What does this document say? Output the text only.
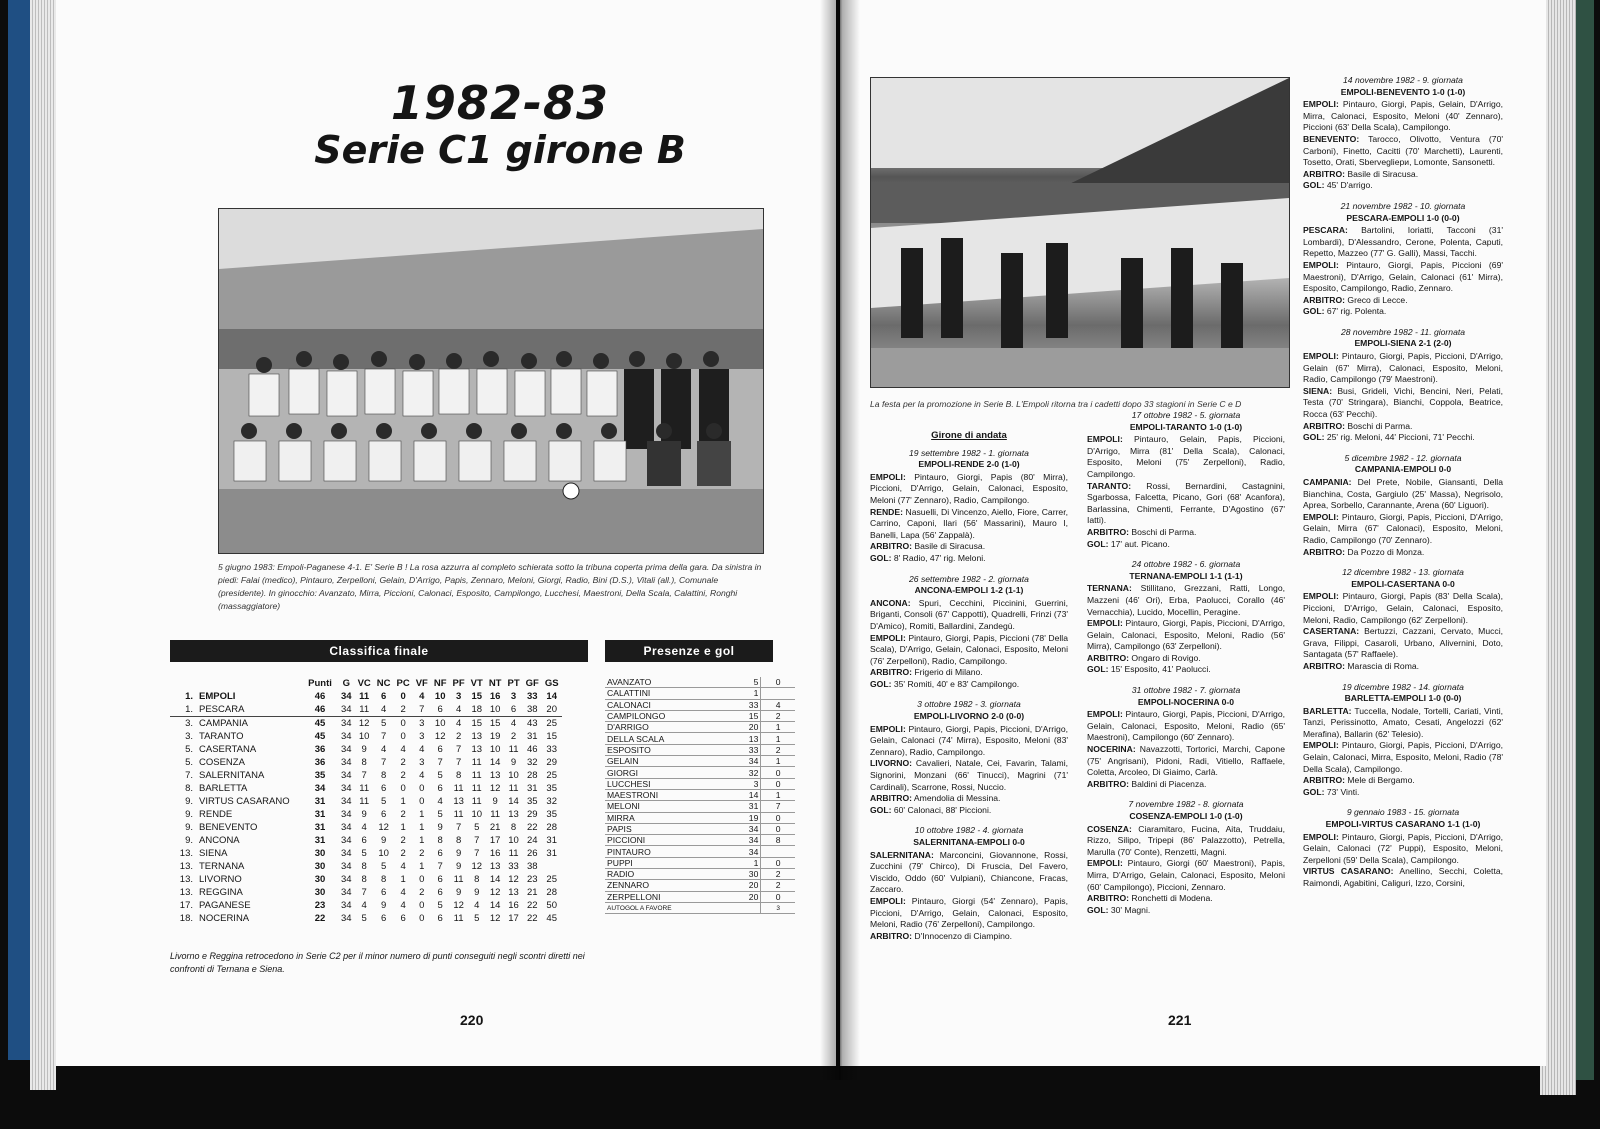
1982-83
Serie C1 girone B
5 giugno 1983: Empoli-Paganese 4-1. E' Serie B ! La rosa azzurra al completo schierata sotto la tribuna coperta prima della gara. Da sinistra in piedi: Falai (medico), Pintauro, Zerpelloni, Gelain, D'Arrigo, Papis, Zennaro, Meloni, Giorgi, Radio, Bini (D.S.), Vitali (all.), Comunale (presidente). In ginocchio: Avanzato, Mirra, Piccioni, Calonaci, Esposito, Campilongo, Lucchesi, Maestroni, Della Scala, Calattini, Ronghi (massaggiatore)
Classifica finale	Presenze e gol
		Punti	G	VC	NC	PC	VF	NF	PF	VT	NT	PT	GF	GS
1.	EMPOLI	46	34	11	6	0	4	10	3	15	16	3	33	14
1.	PESCARA	46	34	11	4	2	7	6	4	18	10	6	38	20
3.	CAMPANIA	45	34	12	5	0	3	10	4	15	15	4	43	25
3.	TARANTO	45	34	10	7	0	3	12	2	13	19	2	31	15
5.	CASERTANA	36	34	9	4	4	4	6	7	13	10	11	46	33
5.	COSENZA	36	34	8	7	2	3	7	7	11	14	9	32	29
7.	SALERNITANA	35	34	7	8	2	4	5	8	11	13	10	28	25
8.	BARLETTA	34	34	11	6	0	0	6	11	11	12	11	31	35
9.	VIRTUS CASARANO	31	34	11	5	1	0	4	13	11	9	14	35	32
9.	RENDE	31	34	9	6	2	1	5	11	10	11	13	29	35
9.	BENEVENTO	31	34	4	12	1	1	9	7	5	21	8	22	28
9.	ANCONA	31	34	6	9	2	1	8	8	7	17	10	24	31
13.	SIENA	30	34	5	10	2	2	6	9	7	16	11	26	31
13.	TERNANA	30	34	8	5	4	1	7	9	12	13	33	38	
13.	LIVORNO	30	34	8	8	1	0	6	11	8	14	12	23	25
13.	REGGINA	30	34	7	6	4	2	6	9	9	12	13	21	28
17.	PAGANESE	23	34	4	9	4	0	5	12	4	14	16	22	50
18.	NOCERINA	22	34	5	6	6	0	6	11	5	12	17	22	45
AVANZATO	5	0
CALATTINI	1	
CALONACI	33	4
CAMPILONGO	15	2
D'ARRIGO	20	1
DELLA SCALA	13	1
ESPOSITO	33	2
GELAIN	34	1
GIORGI	32	0
LUCCHESI	3	0
MAESTRONI	14	1
MELONI	31	7
MIRRA	19	0
PAPIS	34	0
PICCIONI	34	8
PINTAURO	34	
PUPPI	1	0
RADIO	30	2
ZENNARO	20	2
ZERPELLONI	20	0
AUTOGOL A FAVORE		3
Livorno e Reggina retrocedono in Serie C2 per il minor numero di punti conseguiti negli scontri diretti nei confronti di Ternana e Siena.
220
La festa per la promozione in Serie B. L'Empoli ritorna tra i cadetti dopo 33 stagioni in Serie C e D
Girone di andata
19 settembre 1982 - 1. giornata
EMPOLI-RENDE 2-0 (1-0)

EMPOLI: Pintauro, Giorgi, Papis (80' Mirra), Piccioni, D'Arrigo, Gelain, Calonaci, Esposito, Meloni (77' Zennaro), Radio, Campilongo.

RENDE: Nasuelli, Di Vincenzo, Aiello, Fiore, Carrer, Carrino, Caponi, Ilari (56' Massarini), Mauro I, Banelli, Lapa (56' Zappalà).

ARBITRO: Basile di Siracusa.

GOL: 8' Radio, 47' rig. Meloni.

26 settembre 1982 - 2. giornata
ANCONA-EMPOLI 1-2 (1-1)

ANCONA: Spuri, Cecchini, Piccinini, Guerrini, Briganti, Consoli (67' Cappotti), Quadrelli, Frinzi (73' D'Amico), Romiti, Ballardini, Zandegù.

EMPOLI: Pintauro, Giorgi, Papis, Piccioni (78' Della Scala), D'Arrigo, Gelain, Calonaci, Esposito, Meloni (76' Zerpelloni), Radio, Campilongo.

ARBITRO: Frigerio di Milano.

GOL: 35' Romiti, 40' e 83' Campilongo.

3 ottobre 1982 - 3. giornata
EMPOLI-LIVORNO 2-0 (0-0)

EMPOLI: Pintauro, Giorgi, Papis, Piccioni, D'Arrigo, Gelain, Calonaci (74' Mirra), Esposito, Meloni (83' Zennaro), Radio, Campilongo.

LIVORNO: Cavalieri, Natale, Cei, Favarin, Talami, Signorini, Monzani (66' Tinucci), Magrini (71' Cardinali), Scarrone, Rossi, Nuccio.

ARBITRO: Amendolia di Messina.

GOL: 60' Calonaci, 88' Piccioni.

10 ottobre 1982 - 4. giornata
SALERNITANA-EMPOLI 0-0

SALERNITANA: Marconcini, Giovannone, Rossi, Zucchini (79' Chirco), Di Fruscia, Del Favero, Viscido, Oddo (60' Vulpiani), Chiancone, Fracas, Zaccaro.

EMPOLI: Pintauro, Giorgi (54' Zennaro), Papis, Piccioni, D'Arrigo, Gelain, Calonaci, Esposito, Meloni, Radio (76' Zerpelloni), Campilongo.

ARBITRO: D'Innocenzo di Ciampino.

17 ottobre 1982 - 5. giornata
EMPOLI-TARANTO 1-0 (1-0)

EMPOLI: Pintauro, Gelain, Papis, Piccioni, D'Arrigo, Mirra (81' Della Scala), Calonaci, Esposito, Meloni (75' Zerpelloni), Radio, Campilongo.

TARANTO: Rossi, Bernardini, Castagnini, Sgarbossa, Falcetta, Picano, Gori (68' Acanfora), Barlassina, Chimenti, Ferrante, D'Agostino (67' Iatti).

ARBITRO: Boschi di Parma.

GOL: 17' aut. Picano.

24 ottobre 1982 - 6. giornata
TERNANA-EMPOLI 1-1 (1-1)

TERNANA: Stillitano, Grezzani, Ratti, Longo, Mazzeni (46' Ori), Erba, Paolucci, Corallo (46' Vernacchia), Lucido, Mocellin, Peragine.

EMPOLI: Pintauro, Giorgi, Papis, Piccioni, D'Arrigo, Gelain, Calonaci, Esposito, Meloni, Radio (56' Mirra), Campilongo (63' Zerpelloni).

ARBITRO: Ongaro di Rovigo.

GOL: 15' Esposito, 41' Paolucci.

31 ottobre 1982 - 7. giornata
EMPOLI-NOCERINA 0-0

EMPOLI: Pintauro, Giorgi, Papis, Piccioni, D'Arrigo, Gelain, Calonaci, Esposito, Meloni, Radio (65' Maestroni), Campilongo (60' Zennaro).

NOCERINA: Navazzotti, Tortorici, Marchi, Capone (75' Angrisani), Pidoni, Radi, Vitiello, Raffaele, Coletta, Arcoleo, Di Giaimo, Carlà.

ARBITRO: Baldini di Piacenza.

7 novembre 1982 - 8. giornata
COSENZA-EMPOLI 1-0 (1-0)

COSENZA: Ciaramitaro, Fucina, Aita, Truddaiu, Rizzo, Silipo, Tripepi (86' Palazzotto), Petrella, Marulla (70' Conte), Renzetti, Magni.

EMPOLI: Pintauro, Giorgi (60' Maestroni), Papis, Mirra, D'Arrigo, Gelain, Calonaci, Esposito, Meloni (60' Campilongo), Piccioni, Zennaro.

ARBITRO: Ronchetti di Modena.

GOL: 30' Magni.

14 novembre 1982 - 9. giornata
EMPOLI-BENEVENTO 1-0 (1-0)

EMPOLI: Pintauro, Giorgi, Papis, Gelain, D'Arrigo, Mirra, Calonaci, Esposito, Meloni (40' Zennaro), Piccioni (63' Della Scala), Campilongo.

BENEVENTO: Tarocco, Olivotto, Ventura (70' Carboni), Finetto, Cacitti (70' Marchetti), Laurenti, Tosetto, Orati, Sbervegliери, Lomonte, Sansonetti.

ARBITRO: Basile di Siracusa.

GOL: 45' D'arrigo.

21 novembre 1982 - 10. giornata
PESCARA-EMPOLI 1-0 (0-0)

PESCARA: Bartolini, Ioriatti, Tacconi (31' Lombardi), D'Alessandro, Cerone, Polenta, Caputi, Repetto, Mazzeo (77' G. Galli), Massi, Tacchi.

EMPOLI: Pintauro, Giorgi, Papis, Piccioni (69' Maestroni), D'Arrigo, Gelain, Calonaci (61' Mirra), Esposito, Campilongo, Radio, Zennaro.

ARBITRO: Greco di Lecce.

GOL: 67' rig. Polenta.

28 novembre 1982 - 11. giornata
EMPOLI-SIENA 2-1 (2-0)

EMPOLI: Pintauro, Giorgi, Papis, Piccioni, D'Arrigo, Gelain (67' Mirra), Calonaci, Esposito, Meloni, Radio, Campilongo (79' Maestroni).

SIENA: Busi, Grideli, Vichi, Bencini, Neri, Pelati, Testa (70' Stringara), Bianchi, Coppola, Beatrice, Rocca (63' Pecchi).

ARBITRO: Boschi di Parma.

GOL: 25' rig. Meloni, 44' Piccioni, 71' Pecchi.

5 dicembre 1982 - 12. giornata
CAMPANIA-EMPOLI 0-0

CAMPANIA: Del Prete, Nobile, Giansanti, Della Bianchina, Costa, Gargiulo (25' Massa), Negrisolo, Aprea, Sorbello, Carannante, Arena (60' Liguori).

EMPOLI: Pintauro, Giorgi, Papis, Piccioni, D'Arrigo, Gelain, Mirra (67' Calonaci), Esposito, Meloni, Radio, Campilongo (70' Zennaro).

ARBITRO: Da Pozzo di Monza.

12 dicembre 1982 - 13. giornata
EMPOLI-CASERTANA 0-0

EMPOLI: Pintauro, Giorgi, Papis (83' Della Scala), Piccioni, D'Arrigo, Gelain, Calonaci, Esposito, Meloni, Radio, Campilongo (62' Zerpelloni).

CASERTANA: Bertuzzi, Cazzani, Cervato, Mucci, Grava, Filippi, Casaroli, Urbano, Alivernini, Doto, Santagata (57' Raffaele).

ARBITRO: Marascia di Roma.

19 dicembre 1982 - 14. giornata
BARLETTA-EMPOLI 1-0 (0-0)

BARLETTA: Tuccella, Nodale, Tortelli, Cariati, Vinti, Tanzi, Perissinotto, Amato, Cesati, Angelozzi (62' Merafina), Ballarin (62' Telesio).

EMPOLI: Pintauro, Giorgi, Papis, Piccioni, D'Arrigo, Gelain, Calonaci, Mirra, Esposito, Meloni, Radio (78' Della Scala), Campilongo.

ARBITRO: Mele di Bergamo.

GOL: 73' Vinti.

9 gennaio 1983 - 15. giornata
EMPOLI-VIRTUS CASARANO 1-1 (1-0)

EMPOLI: Pintauro, Giorgi, Papis, Piccioni, D'Arrigo, Gelain, Calonaci (72' Puppi), Esposito, Meloni, Zerpelloni (59' Della Scala), Campilongo.

VIRTUS CASARANO: Anellino, Secchi, Coletta, Raimondi, Agabitini, Caliguri, Izzo, Corsini,

221
